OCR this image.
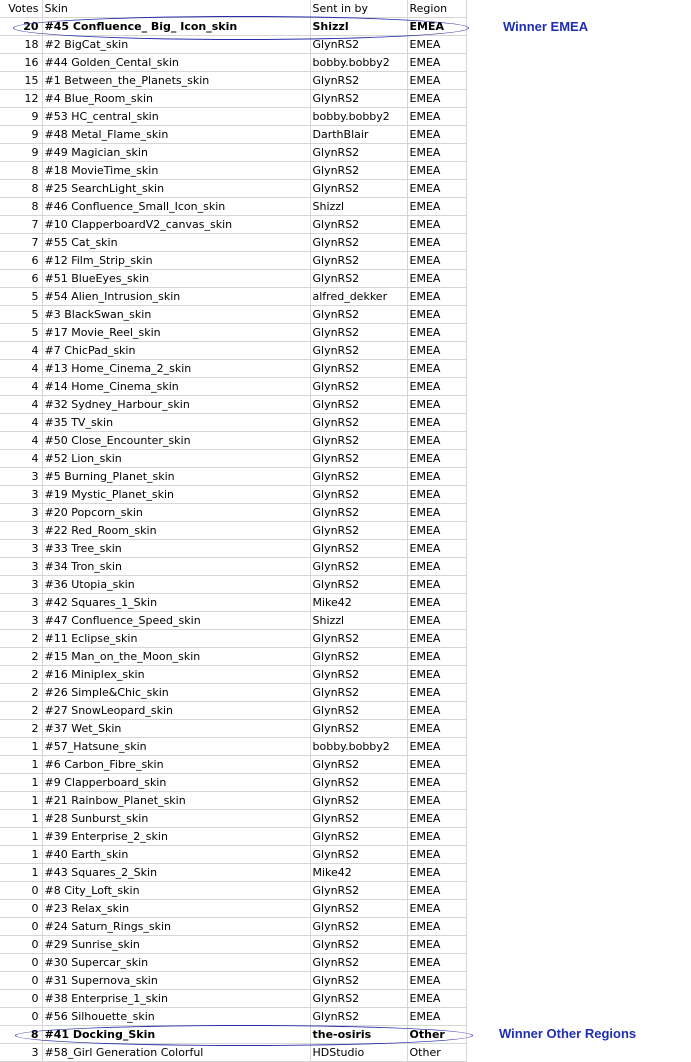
Votes	Skin	Sent in by	Region
20	#45 Confluence_ Big_ Icon_skin	Shizzl	EMEA
18	#2 BigCat_skin	GlynRS2	EMEA
16	#44 Golden_Cental_skin	bobby.bobby2	EMEA
15	#1 Between_the_Planets_skin	GlynRS2	EMEA
12	#4 Blue_Room_skin	GlynRS2	EMEA
9	#53 HC_central_skin	bobby.bobby2	EMEA
9	#48 Metal_Flame_skin	DarthBlair	EMEA
9	#49 Magician_skin	GlynRS2	EMEA
8	#18 MovieTime_skin	GlynRS2	EMEA
8	#25 SearchLight_skin	GlynRS2	EMEA
8	#46 Confluence_Small_Icon_skin	Shizzl	EMEA
7	#10 ClapperboardV2_canvas_skin	GlynRS2	EMEA
7	#55 Cat_skin	GlynRS2	EMEA
6	#12 Film_Strip_skin	GlynRS2	EMEA
6	#51 BlueEyes_skin	GlynRS2	EMEA
5	#54 Alien_Intrusion_skin	alfred_dekker	EMEA
5	#3 BlackSwan_skin	GlynRS2	EMEA
5	#17 Movie_Reel_skin	GlynRS2	EMEA
4	#7 ChicPad_skin	GlynRS2	EMEA
4	#13 Home_Cinema_2_skin	GlynRS2	EMEA
4	#14 Home_Cinema_skin	GlynRS2	EMEA
4	#32 Sydney_Harbour_skin	GlynRS2	EMEA
4	#35 TV_skin	GlynRS2	EMEA
4	#50 Close_Encounter_skin	GlynRS2	EMEA
4	#52 Lion_skin	GlynRS2	EMEA
3	#5 Burning_Planet_skin	GlynRS2	EMEA
3	#19 Mystic_Planet_skin	GlynRS2	EMEA
3	#20 Popcorn_skin	GlynRS2	EMEA
3	#22 Red_Room_skin	GlynRS2	EMEA
3	#33 Tree_skin	GlynRS2	EMEA
3	#34 Tron_skin	GlynRS2	EMEA
3	#36 Utopia_skin	GlynRS2	EMEA
3	#42 Squares_1_Skin	Mike42	EMEA
3	#47 Confluence_Speed_skin	Shizzl	EMEA
2	#11 Eclipse_skin	GlynRS2	EMEA
2	#15 Man_on_the_Moon_skin	GlynRS2	EMEA
2	#16 Miniplex_skin	GlynRS2	EMEA
2	#26 Simple&Chic_skin	GlynRS2	EMEA
2	#27 SnowLeopard_skin	GlynRS2	EMEA
2	#37 Wet_Skin	GlynRS2	EMEA
1	#57_Hatsune_skin	bobby.bobby2	EMEA
1	#6 Carbon_Fibre_skin	GlynRS2	EMEA
1	#9 Clapperboard_skin	GlynRS2	EMEA
1	#21 Rainbow_Planet_skin	GlynRS2	EMEA
1	#28 Sunburst_skin	GlynRS2	EMEA
1	#39 Enterprise_2_skin	GlynRS2	EMEA
1	#40 Earth_skin	GlynRS2	EMEA
1	#43 Squares_2_Skin	Mike42	EMEA
0	#8 City_Loft_skin	GlynRS2	EMEA
0	#23 Relax_skin	GlynRS2	EMEA
0	#24 Saturn_Rings_skin	GlynRS2	EMEA
0	#29 Sunrise_skin	GlynRS2	EMEA
0	#30 Supercar_skin	GlynRS2	EMEA
0	#31 Supernova_skin	GlynRS2	EMEA
0	#38 Enterprise_1_skin	GlynRS2	EMEA
0	#56 Silhouette_skin	GlynRS2	EMEA
8	#41 Docking_Skin	the-osiris	Other
3	#58_Girl Generation Colorful	HDStudio	Other
Winner EMEA
Winner Other Regions
